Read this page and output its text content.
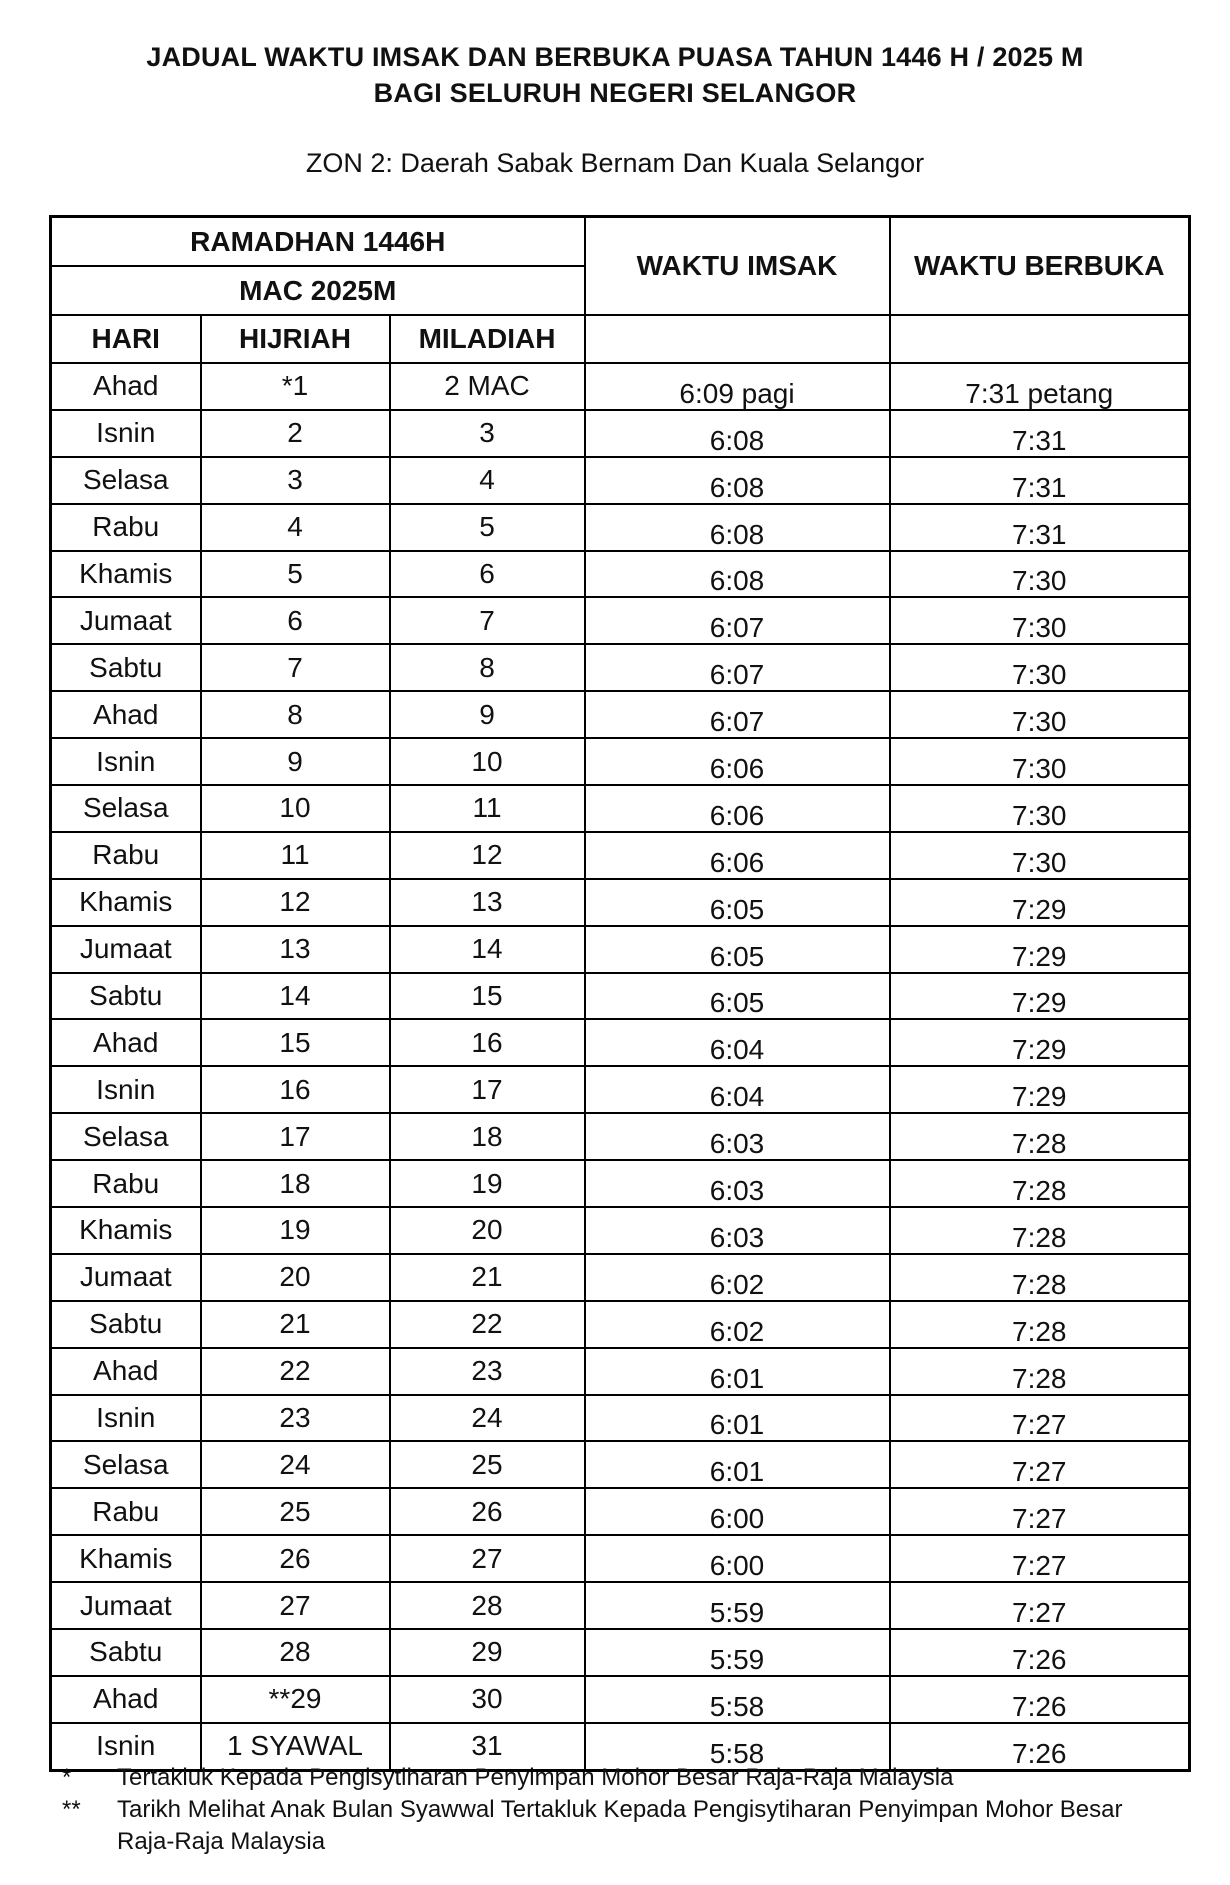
JADUAL WAKTU IMSAK DAN BERBUKA PUASA TAHUN 1446 H / 2025 M
BAGI SELURUH NEGERI SELANGOR
ZON 2: Daerah Sabak Bernam Dan Kuala Selangor
RAMADHAN 1446H			WAKTU IMSAK	WAKTU BERBUKA
MAC 2025M				
HARI	HIJRIAH	MILADIAH		
Ahad	*1	2 MAC	6:09 pagi	7:31 petang
Isnin	2	3	6:08	7:31
Selasa	3	4	6:08	7:31
Rabu	4	5	6:08	7:31
Khamis	5	6	6:08	7:30
Jumaat	6	7	6:07	7:30
Sabtu	7	8	6:07	7:30
Ahad	8	9	6:07	7:30
Isnin	9	10	6:06	7:30
Selasa	10	11	6:06	7:30
Rabu	11	12	6:06	7:30
Khamis	12	13	6:05	7:29
Jumaat	13	14	6:05	7:29
Sabtu	14	15	6:05	7:29
Ahad	15	16	6:04	7:29
Isnin	16	17	6:04	7:29
Selasa	17	18	6:03	7:28
Rabu	18	19	6:03	7:28
Khamis	19	20	6:03	7:28
Jumaat	20	21	6:02	7:28
Sabtu	21	22	6:02	7:28
Ahad	22	23	6:01	7:28
Isnin	23	24	6:01	7:27
Selasa	24	25	6:01	7:27
Rabu	25	26	6:00	7:27
Khamis	26	27	6:00	7:27
Jumaat	27	28	5:59	7:27
Sabtu	28	29	5:59	7:26
Ahad	**29	30	5:58	7:26
Isnin	1 SYAWAL	31	5:58	7:26
* Tertakluk Kepada Pengisytiharan Penyimpan Mohor Besar Raja-Raja Malaysia
** Tarikh Melihat Anak Bulan Syawwal Tertakluk Kepada Pengisytiharan Penyimpan Mohor Besar Raja-Raja Malaysia
